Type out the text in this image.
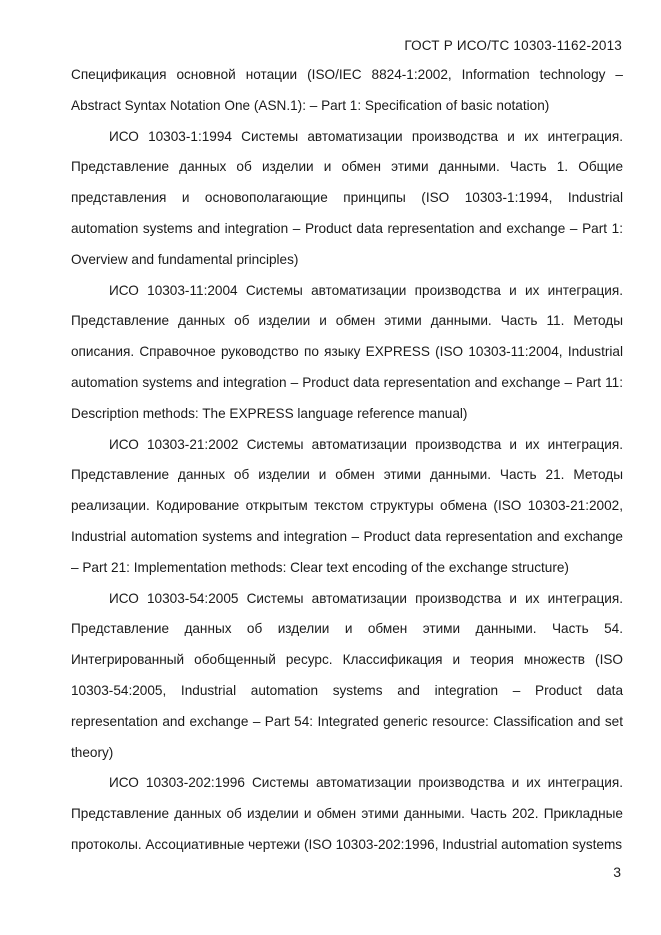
ГОСТ Р ИСО/ТС 10303-1162-2013

Спецификация основной нотации (ISO/IEC 8824-1:2002, Information technology – Abstract Syntax Notation One (ASN.1): – Part 1: Specification of basic notation)

ИСО 10303-1:1994 Системы автоматизации производства и их интеграция. Представление данных об изделии и обмен этими данными. Часть 1. Общие представления и основополагающие принципы (ISO 10303-1:1994, Industrial automation systems and integration – Product data representation and exchange – Part 1: Overview and fundamental principles)

ИСО 10303-11:2004 Системы автоматизации производства и их интеграция. Представление данных об изделии и обмен этими данными. Часть 11. Методы описания. Справочное руководство по языку EXPRESS (ISO 10303-11:2004, Industrial automation systems and integration – Product data representation and exchange – Part 11: Description methods: The EXPRESS language reference manual)

ИСО 10303-21:2002 Системы автоматизации производства и их интеграция. Представление данных об изделии и обмен этими данными. Часть 21. Методы реализации. Кодирование открытым текстом структуры обмена (ISO 10303-21:2002, Industrial automation systems and integration – Product data representation and exchange – Part 21: Implementation methods: Clear text encoding of the exchange structure)

ИСО 10303-54:2005 Системы автоматизации производства и их интеграция. Представление данных об изделии и обмен этими данными. Часть 54. Интегрированный обобщенный ресурс. Классификация и теория множеств (ISO 10303-54:2005, Industrial automation systems and integration – Product data representation and exchange – Part 54: Integrated generic resource: Classification and set theory)

ИСО 10303-202:1996 Системы автоматизации производства и их интеграция. Представление данных об изделии и обмен этими данными. Часть 202. Прикладные протоколы. Ассоциативные чертежи (ISO 10303-202:1996, Industrial automation systems

3
